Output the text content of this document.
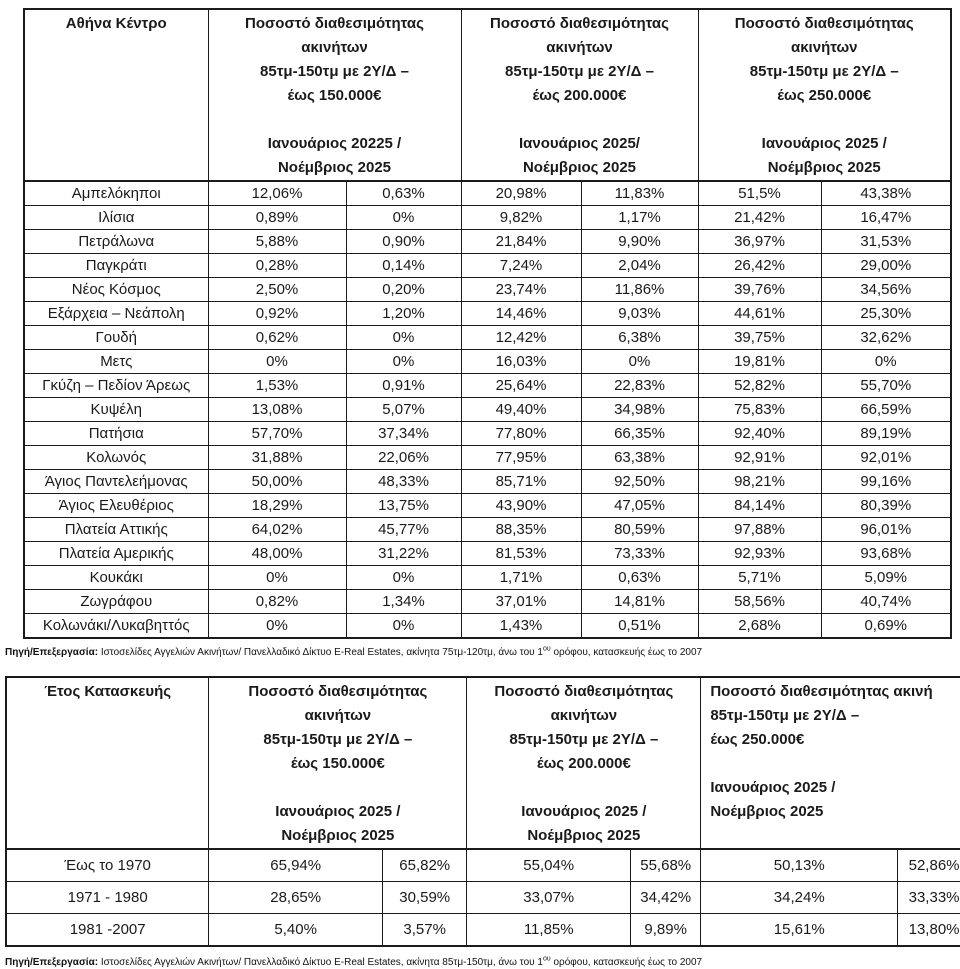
Αθήνα Κέντρο	Ποσοστό διαθεσιμότητας
ακινήτων
85τμ-150τμ με 2Υ/Δ –
έως 150.000€
Ιανουάριος 20225 /
Νοέμβριος 2025

Ποσοστό διαθεσιμότητας
ακινήτων
85τμ-150τμ με 2Υ/Δ –
έως 200.000€
Ιανουάριος 2025/
Νοέμβριος 2025

Ποσοστό διαθεσιμότητας
ακινήτων
85τμ-150τμ με 2Υ/Δ –
έως 250.000€
Ιανουάριος 2025 /
Νοέμβριος 2025

Αμπελόκηποι	12,06%	0,63%	20,98%	11,83%	51,5%	43,38%
Ιλίσια	0,89%	0%	9,82%	1,17%	21,42%	16,47%
Πετράλωνα	5,88%	0,90%	21,84%	9,90%	36,97%	31,53%
Παγκράτι	0,28%	0,14%	7,24%	2,04%	26,42%	29,00%
Νέος Κόσμος	2,50%	0,20%	23,74%	11,86%	39,76%	34,56%
Εξάρχεια – Νεάπολη	0,92%	1,20%	14,46%	9,03%	44,61%	25,30%
Γουδή	0,62%	0%	12,42%	6,38%	39,75%	32,62%
Μετς	0%	0%	16,03%	0%	19,81%	0%
Γκύζη – Πεδίον Άρεως	1,53%	0,91%	25,64%	22,83%	52,82%	55,70%
Κυψέλη	13,08%	5,07%	49,40%	34,98%	75,83%	66,59%
Πατήσια	57,70%	37,34%	77,80%	66,35%	92,40%	89,19%
Κολωνός	31,88%	22,06%	77,95%	63,38%	92,91%	92,01%
Άγιος Παντελεήμονας	50,00%	48,33%	85,71%	92,50%	98,21%	99,16%
Άγιος Ελευθέριος	18,29%	13,75%	43,90%	47,05%	84,14%	80,39%
Πλατεία Αττικής	64,02%	45,77%	88,35%	80,59%	97,88%	96,01%
Πλατεία Αμερικής	48,00%	31,22%	81,53%	73,33%	92,93%	93,68%
Κουκάκι	0%	0%	1,71%	0,63%	5,71%	5,09%
Ζωγράφου	0,82%	1,34%	37,01%	14,81%	58,56%	40,74%
Κολωνάκι/Λυκαβηττός	0%	0%	1,43%	0,51%	2,68%	0,69%

Πηγή/Επεξεργασία: Ιστοσελίδες Αγγελιών Ακινήτων/ Πανελλαδικό Δίκτυο E-Real Estates, ακίνητα 75τμ-120τμ, άνω του $1^{o\upsilon}$ ορόφου, κατασκευής έως το 2007

Έτος Κατασκευής	Ποσοστό διαθεσιμότητας
ακινήτων
85τμ-150τμ με 2Υ/Δ –
έως 150.000€
Ιανουάριος 2025 /
Νοέμβριος 2025

Ποσοστό διαθεσιμότητας
ακινήτων
85τμ-150τμ με 2Υ/Δ –
έως 200.000€
Ιανουάριος 2025 /
Νοέμβριος 2025

Ποσοστό διαθεσιμότητας ακινή
85τμ-150τμ με 2Υ/Δ –
έως 250.000€
Ιανουάριος 2025 /
Νοέμβριος 2025

Έως το 1970	65,94%	65,82%	55,04%	55,68%	50,13%	52,86%
1971 - 1980	28,65%	30,59%	33,07%	34,42%	34,24%	33,33%
1981 -2007	5,40%	3,57%	11,85%	9,89%	15,61%	13,80%

Πηγή/Επεξεργασία: Ιστοσελίδες Αγγελιών Ακινήτων/ Πανελλαδικό Δίκτυο E-Real Estates, ακίνητα 85τμ-150τμ, άνω του $1^{o\upsilon}$ ορόφου, κατασκευής έως το 2007
